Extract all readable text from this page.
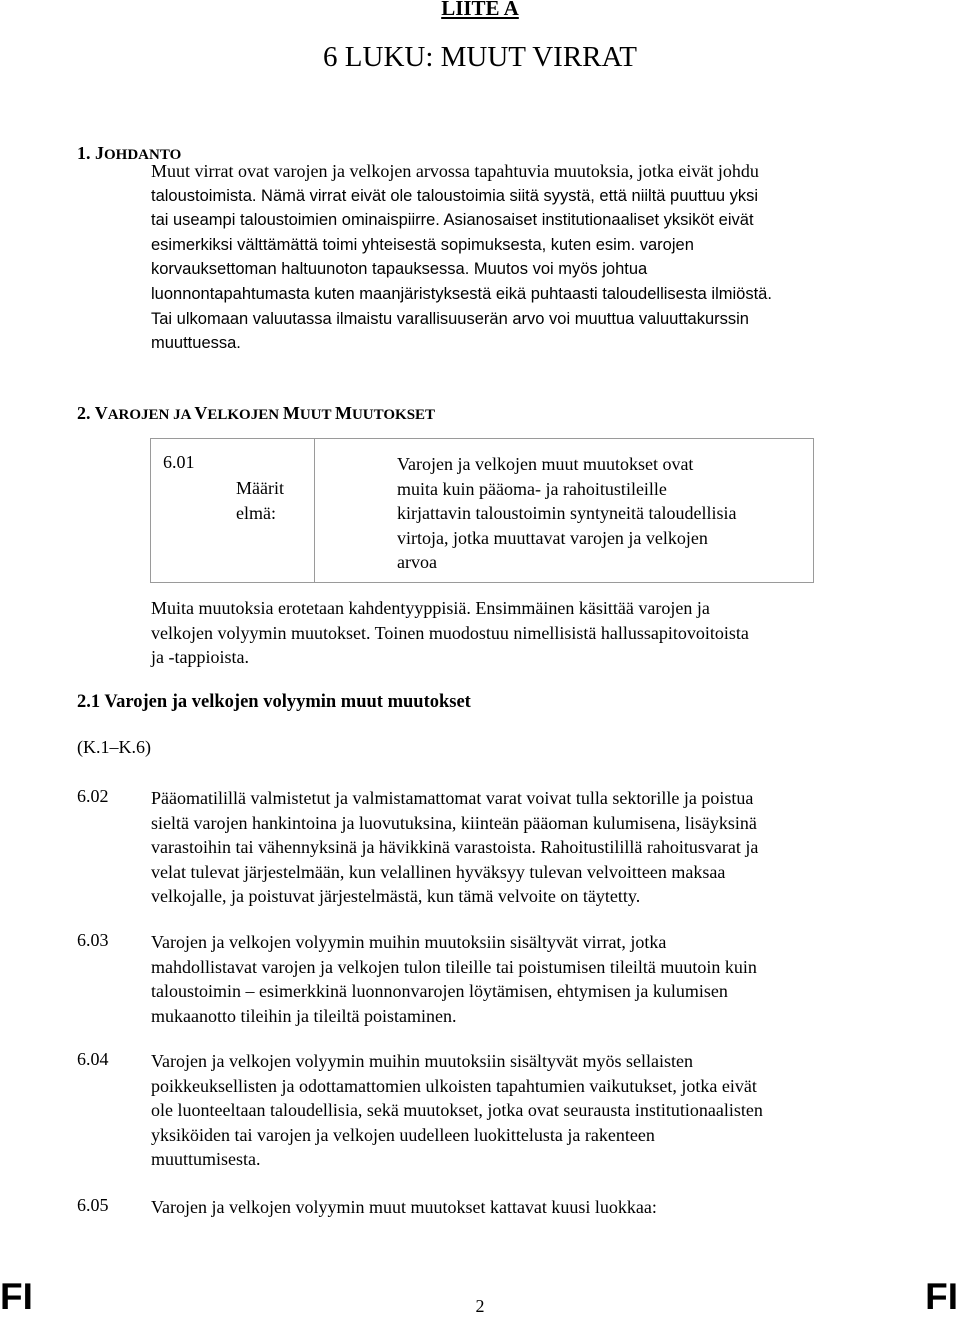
LIITE A
6 LUKU: MUUT VIRRAT
1. JOHDANTO
Muut virrat ovat varojen ja velkojen arvossa tapahtuvia muutoksia, jotka eivät johdu
taloustoimista. Nämä virrat eivät ole taloustoimia siitä syystä, että niiltä puuttuu yksi
tai useampi taloustoimien ominaispiirre. Asianosaiset institutionaaliset yksiköt eivät
esimerkiksi välttämättä toimi yhteisestä sopimuksesta, kuten esim. varojen
korvauksettoman haltuunoton tapauksessa. Muutos voi myös johtua
luonnontapahtumasta kuten maanjäristyksestä eikä puhtaasti taloudellisesta ilmiöstä.
Tai ulkomaan valuutassa ilmaistu varallisuuserän arvo voi muuttua valuuttakurssin
muuttuessa.
2. VAROJEN JA VELKOJEN MUUT MUUTOKSET
6.01
Määrit
elmä:
Varojen ja velkojen muut muutokset ovat
muita kuin pääoma- ja rahoitustileille
kirjattavin taloustoimin syntyneitä taloudellisia
virtoja, jotka muuttavat varojen ja velkojen
arvoa
Muita muutoksia erotetaan kahdentyyppisiä. Ensimmäinen käsittää varojen ja
velkojen volyymin muutokset. Toinen muodostuu nimellisistä hallussapitovoitoista
ja -tappioista.
2.1 Varojen ja velkojen volyymin muut muutokset
(K.1–K.6)
6.02 Pääomatilillä valmistetut ja valmistamattomat varat voivat tulla sektorille ja poistua
sieltä varojen hankintoina ja luovutuksina, kiinteän pääoman kulumisena, lisäyksinä
varastoihin tai vähennyksinä ja hävikkinä varastoista. Rahoitustilillä rahoitusvarat ja
velat tulevat järjestelmään, kun velallinen hyväksyy tulevan velvoitteen maksaa
velkojalle, ja poistuvat järjestelmästä, kun tämä velvoite on täytetty.
6.03 Varojen ja velkojen volyymin muihin muutoksiin sisältyvät virrat, jotka
mahdollistavat varojen ja velkojen tulon tileille tai poistumisen tileiltä muutoin kuin
taloustoimin – esimerkkinä luonnonvarojen löytämisen, ehtymisen ja kulumisen
mukaanotto tileihin ja tileiltä poistaminen.
6.04 Varojen ja velkojen volyymin muihin muutoksiin sisältyvät myös sellaisten
poikkeuksellisten ja odottamattomien ulkoisten tapahtumien vaikutukset, jotka eivät
ole luonteeltaan taloudellisia, sekä muutokset, jotka ovat seurausta institutionaalisten
yksiköiden tai varojen ja velkojen uudelleen luokittelusta ja rakenteen
muuttumisesta.
6.05 Varojen ja velkojen volyymin muut muutokset kattavat kuusi luokkaa:
FI	2	FI
